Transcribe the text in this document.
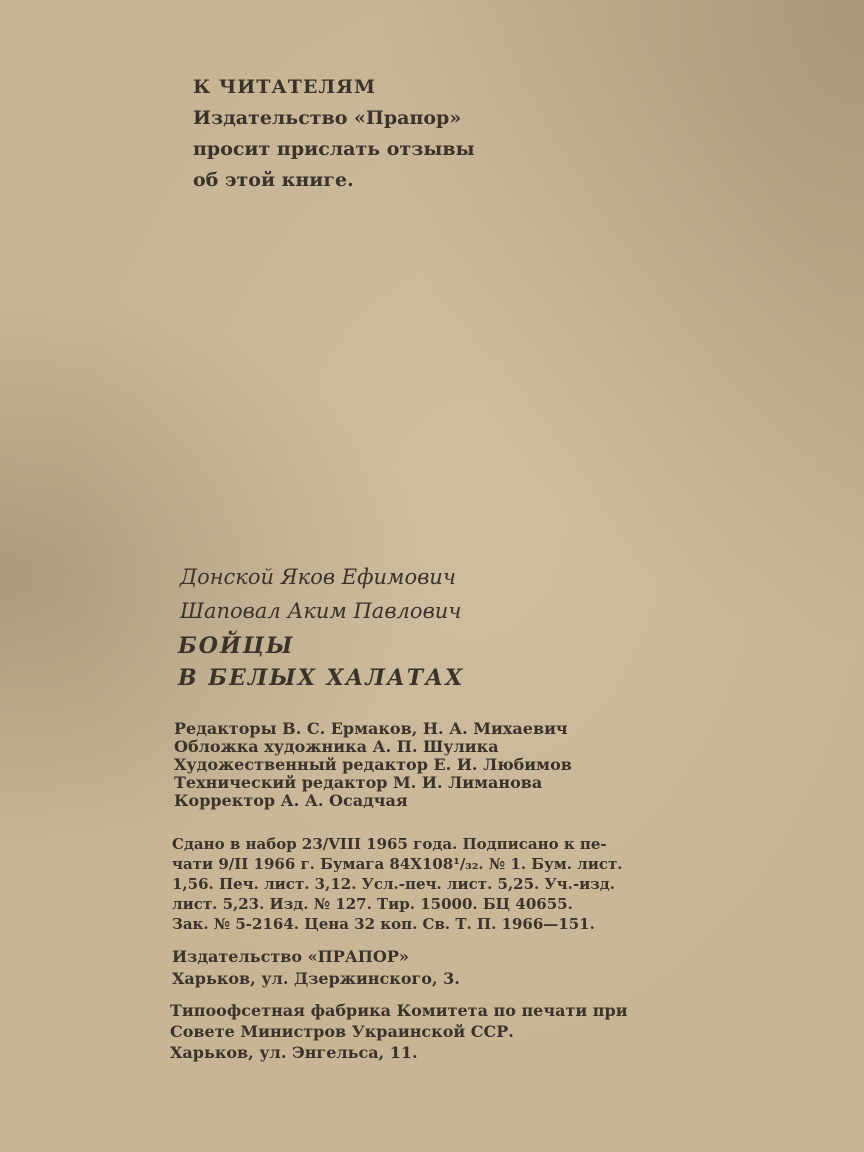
К ЧИТАТЕЛЯМ
Издательство «Прапор»
просит прислать отзывы
об этой книге.
Донской Яков Ефимович
Шаповал Аким Павлович
БОЙЦЫ
В БЕЛЫХ ХАЛАТАХ
Редакторы В. С. Ермаков, Н. А. Михаевич
Обложка художника А. П. Шулика
Художественный редактор Е. И. Любимов
Технический редактор М. И. Лиманова
Корректор А. А. Осадчая
Сдано в набор 23/VIII 1965 года. Подписано к пе-
чати 9/II 1966 г. Бумага 84Х108¹/₃₂. № 1. Бум. лист.
1,56. Печ. лист. 3,12. Усл.-печ. лист. 5,25. Уч.-изд.
лист. 5,23. Изд. № 127. Тир. 15000. БЦ 40655.
Зак. № 5-2164. Цена 32 коп. Св. Т. П. 1966—151.
Издательство «ПРАПОР»
Харьков, ул. Дзержинского, 3.
Типоофсетная фабрика Комитета по печати при
Совете Министров Украинской ССР.
Харьков, ул. Энгельса, 11.
